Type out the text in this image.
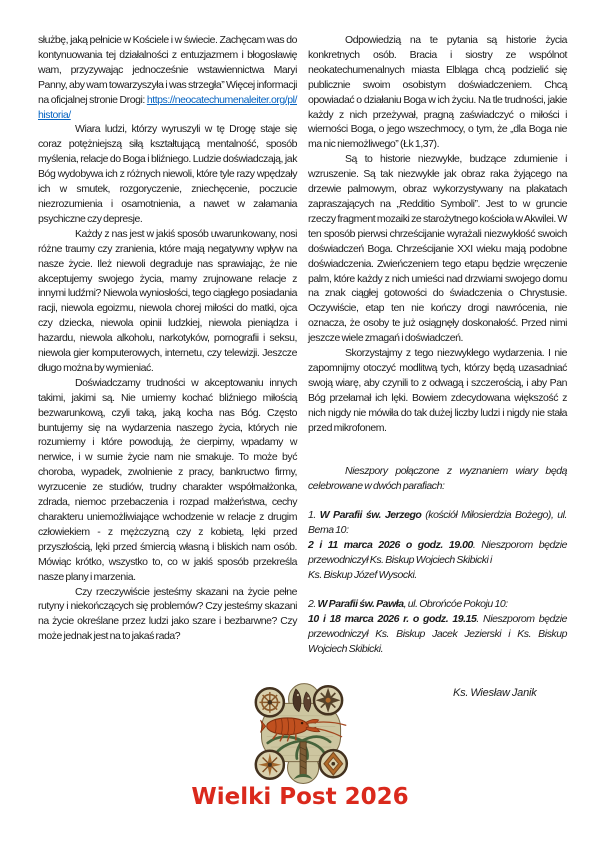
służbę, jaką pełnicie w Kościele i w świecie. Zachęcam was do kontynuowania tej działalności z entuzjazmem i błogosławię wam, przyzywając jednocześnie wstawiennictwa Maryi Panny, aby wam towarzyszyła i was strzegła” Więcej informacji na oficjalnej stronie Drogi: https://neocatechumenaleiter.org/pl/historia/

Wiara ludzi, którzy wyruszyli w tę Drogę staje się coraz potężniejszą siłą kształtującą mentalność, sposób myślenia, relacje do Boga i bliźniego. Ludzie doświadczają, jak Bóg wydobywa ich z różnych niewoli, które tyle razy wpędzały ich w smutek, rozgoryczenie, zniechęcenie, poczucie niezrozumienia i osamotnienia, a nawet w załamania psychiczne czy depresje.

Każdy z nas jest w jakiś sposób uwarunkowany, nosi różne traumy czy zranienia, które mają negatywny wpływ na nasze życie. Ileż niewoli degraduje nas sprawiając, że nie akceptujemy swojego życia, mamy zrujnowane relacje z innymi ludźmi? Niewola wyniosłości, tego ciągłego posiadania racji, niewola egoizmu, niewola chorej miłości do matki, ojca czy dziecka, niewola opinii ludzkiej, niewola pieniądza i hazardu, niewola alkoholu, narkotyków, pornografii i seksu, niewola gier komputerowych, internetu, czy telewizji. Jeszcze długo można by wymieniać.

Doświadczamy trudności w akceptowaniu innych takimi, jakimi są. Nie umiemy kochać bliźniego miłością bezwarunkową, czyli taką, jaką kocha nas Bóg. Często buntujemy się na wydarzenia naszego życia, których nie rozumiemy i które powodują, że cierpimy, wpadamy w nerwice, i w sumie życie nam nie smakuje. To może być choroba, wypadek, zwolnienie z pracy, bankructwo firmy, wyrzucenie ze studiów, trudny charakter współmałżonka, zdrada, niemoc przebaczenia i rozpad małżeństwa, cechy charakteru uniemożliwiające wchodzenie w relacje z drugim człowiekiem - z mężczyzną czy z kobietą, lęki przed przyszłością, lęki przed śmiercią własną i bliskich nam osób. Mówiąc krótko, wszystko to, co w jakiś sposób przekreśla nasze plany i marzenia.

Czy rzeczywiście jesteśmy skazani na życie pełne rutyny i niekończących się problemów? Czy jesteśmy skazani na życie określane przez ludzi jako szare i bezbarwne? Czy może jednak jest na to jakaś rada?

Odpowiedzią na te pytania są historie życia konkretnych osób. Bracia i siostry ze wspólnot neokatechumenalnych miasta Elbląga chcą podzielić się publicznie swoim osobistym doświadczeniem. Chcą opowiadać o działaniu Boga w ich życiu. Na tle trudności, jakie każdy z nich przeżywał, pragną zaświadczyć o miłości i wierności Boga, o jego wszechmocy, o tym, że „dla Boga nie ma nic niemożliwego” (Łk 1,37).

Są to historie niezwykłe, budzące zdumienie i wzruszenie. Są tak niezwykłe jak obraz raka żyjącego na drzewie palmowym, obraz wykorzystywany na plakatach zapraszających na „Redditio Symboli”. Jest to w gruncie rzeczy fragment mozaiki ze starożytnego kościoła w Akwilei. W ten sposób pierwsi chrześcijanie wyrażali niezwykłość swoich doświadczeń Boga. Chrześcijanie XXI wieku mają podobne doświadczenia. Zwieńczeniem tego etapu będzie wręczenie palm, które każdy z nich umieści nad drzwiami swojego domu na znak ciągłej gotowości do świadczenia o Chrystusie. Oczywiście, etap ten nie kończy drogi nawrócenia, nie oznacza, że osoby te już osiągnęły doskonałość. Przed nimi jeszcze wiele zmagań i doświadczeń.

Skorzystajmy z tego niezwykłego wydarzenia. I nie zapomnijmy otoczyć modlitwą tych, którzy będą uzasadniać swoją wiarę, aby czynili to z odwagą i szczerością, i aby Pan Bóg przełamał ich lęki. Bowiem zdecydowana większość z nich nigdy nie mówiła do tak dużej liczby ludzi i nigdy nie stała przed mikrofonem.

Nieszpory połączone z wyznaniem wiary będą celebrowane w dwóch parafiach:

1. W Parafii św. Jerzego (kościół Miłosierdzia Bożego), ul. Bema 10:
2 i 11 marca 2026 o godz. 19.00. Nieszporom będzie przewodniczył Ks. Biskup Wojciech Skibicki i
Ks. Biskup Józef Wysocki.

2. W Parafii św. Pawła, ul. Obrońcóe Pokoju 10:
10 i 18 marca 2026 r. o godz. 19.15. Nieszporom będzie przewodniczył Ks. Biskup Jacek Jezierski i Ks. Biskup Wojciech Skibicki.

Ks. Wiesław Janik

Wielki Post 2026
